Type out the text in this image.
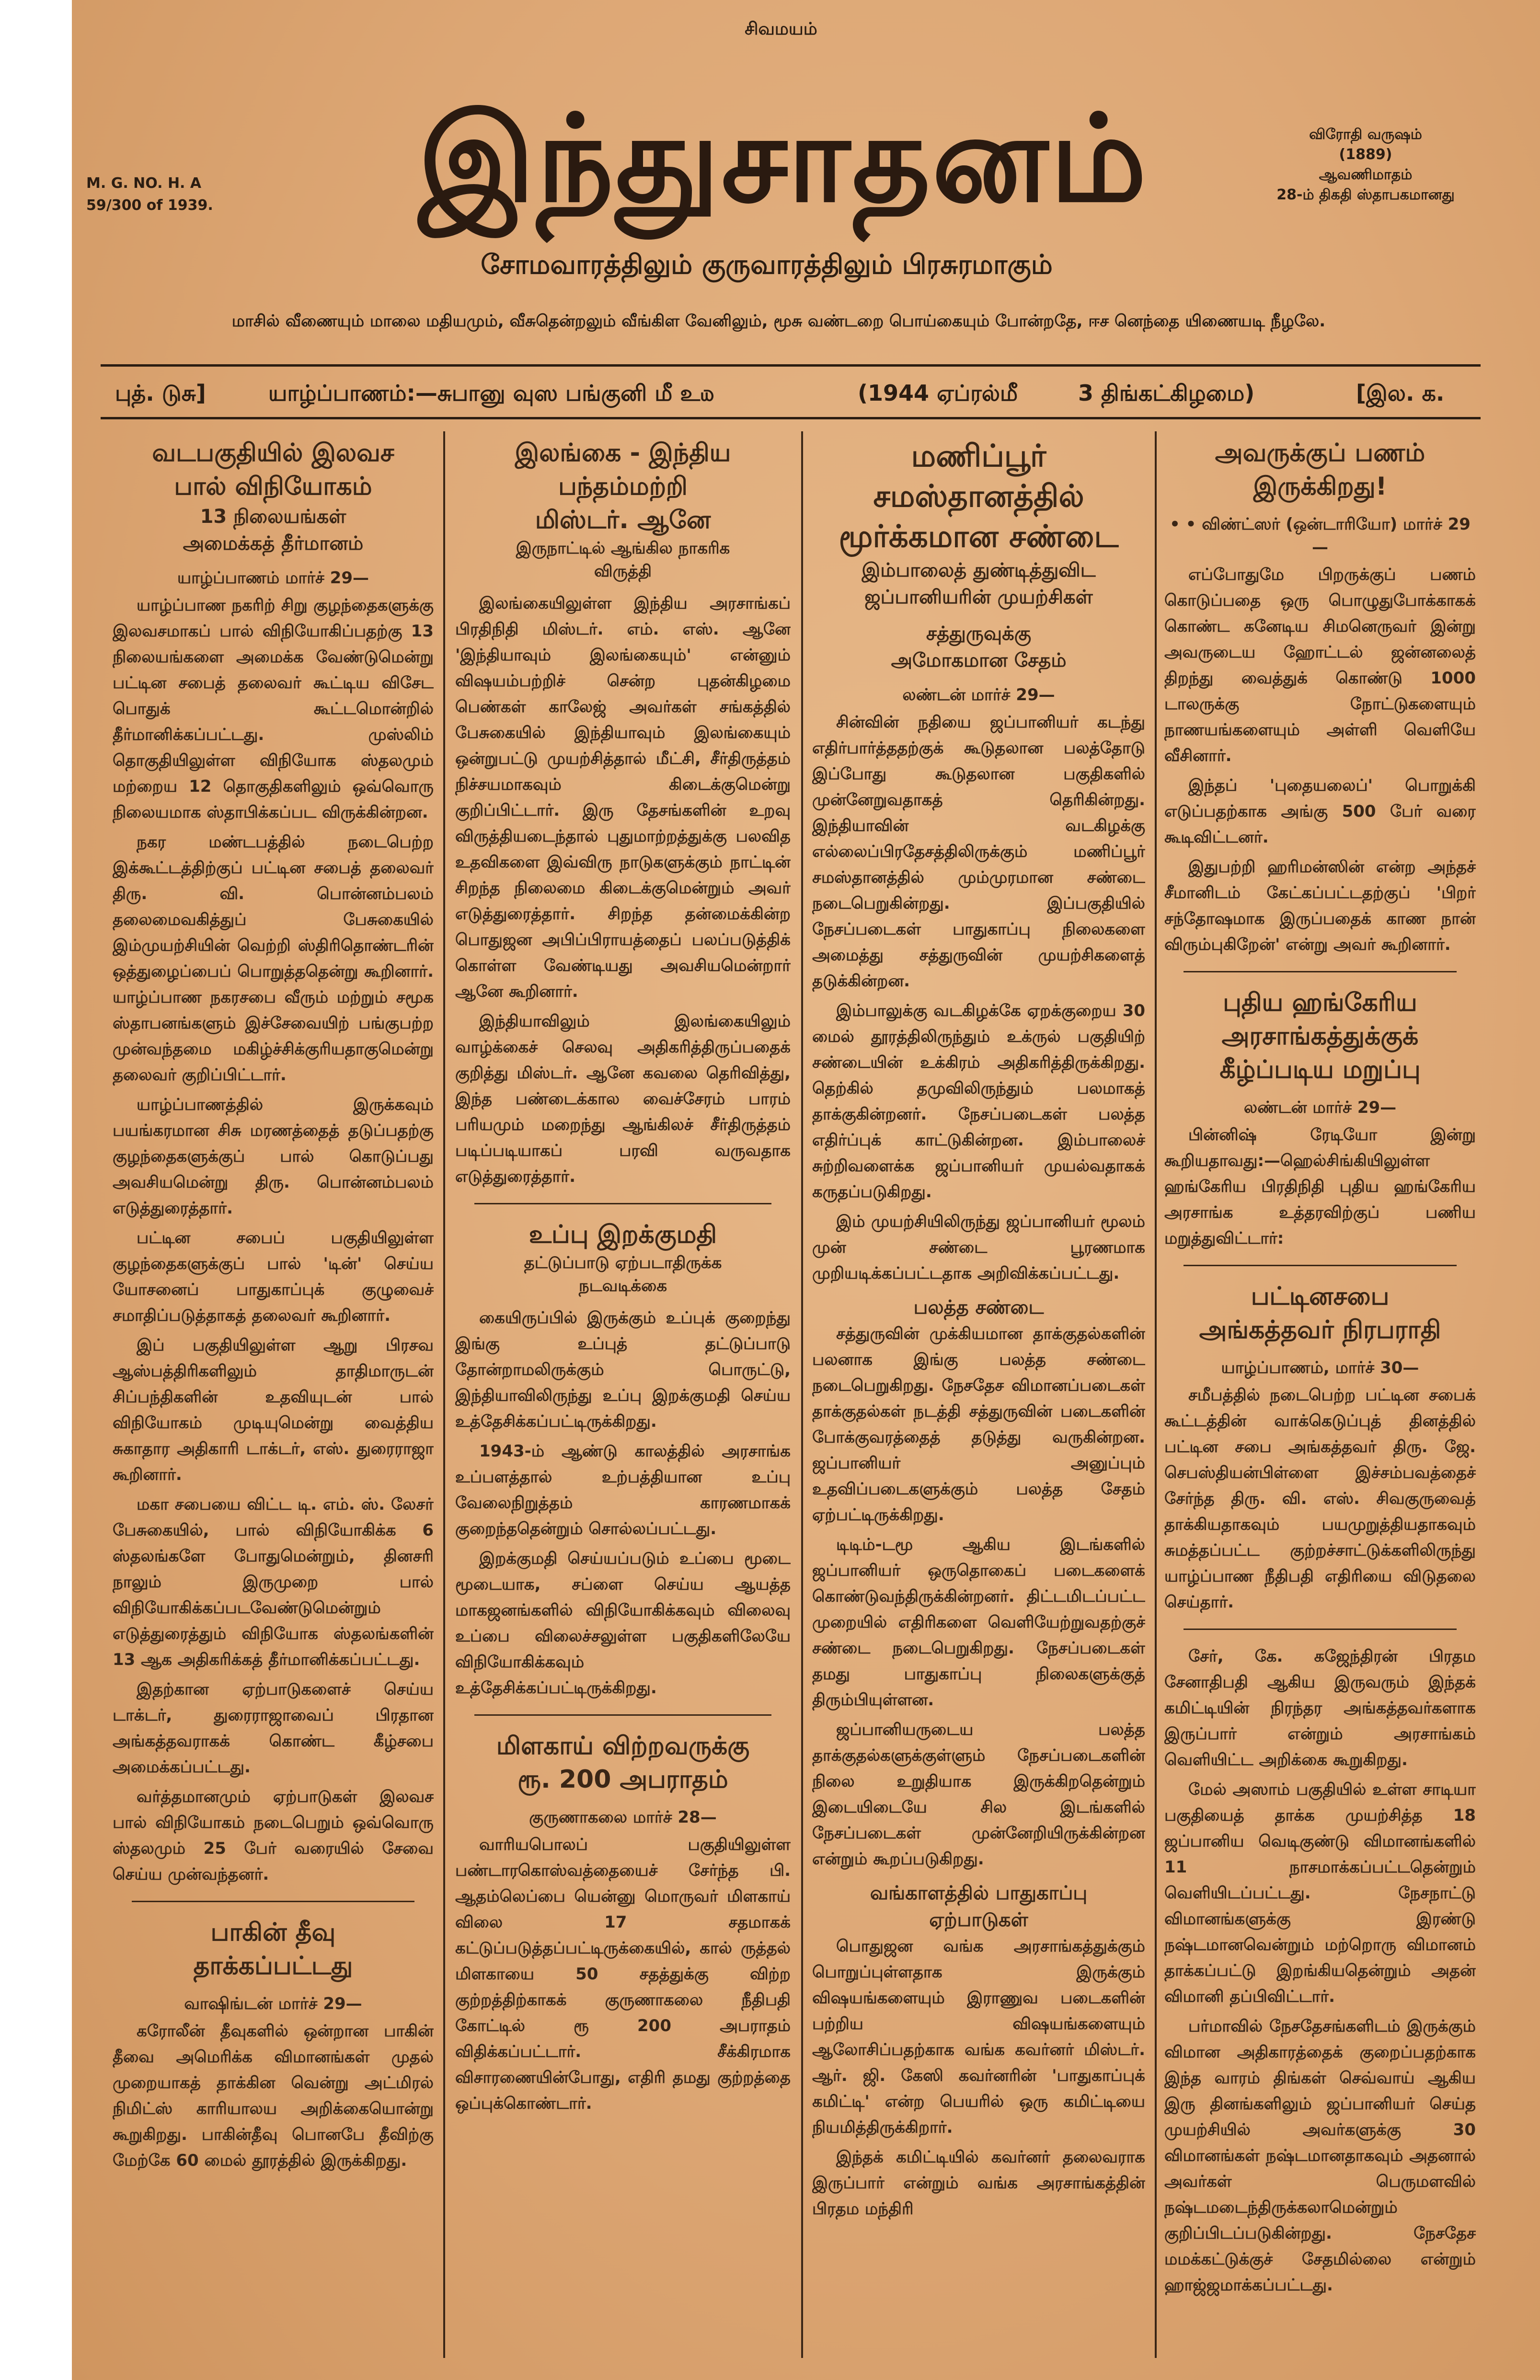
சிவமயம்
M. G. NO. H. A
59/300 of 1939.	இந்துசாதனம்	விரோதி வருஷம்
(1889)
ஆவணிமாதம்
28-ம் திகதி ஸ்தாபகமானது
சோமவாரத்திலும் குருவாரத்திலும் பிரசுரமாகும்
மாசில் வீணையும் மாலை மதியமும், வீசுதென்றலும் வீங்கிள வேனிலும், மூசு வண்டறை பொய்கையும் போன்றதே, ஈச னெந்தை யிணையடி நீழலே.
புத். டுசு]	யாழ்ப்பாணம்:—சுபானு வுஸ பங்குனி மீ உ௰	(1944 ஏப்ரல்மீ	3 திங்கட்கிழமை)	[இல. க.
வடபகுதியில் இலவச
பால் விநியோகம்
13 நிலையங்கள்
அமைக்கத் தீர்மானம்
யாழ்ப்பாணம் மார்ச் 29—

யாழ்ப்பாண நகரிற் சிறு குழந்தைகளுக்கு இலவசமாகப் பால் விநியோகிப்பதற்கு 13 நிலையங்களை அமைக்க வேண்டுமென்று பட்டின சபைத் தலைவர் கூட்டிய விசேட பொதுக் கூட்டமொன்றில் தீர்மானிக்கப்பட்டது. முஸ்லிம் தொகுதியிலுள்ள விநியோக ஸ்தலமும் மற்றைய 12 தொகுதிகளிலும் ஒவ்வொரு நிலையமாக ஸ்தாபிக்கப்பட விருக்கின்றன.

நகர மண்டபத்தில் நடைபெற்ற இக்கூட்டத்திற்குப் பட்டின சபைத் தலைவர் திரு. வி. பொன்னம்பலம் தலைமைவகித்துப் பேசுகையில் இம்முயற்சியின் வெற்றி ஸ்திரிதொண்டரின் ஒத்துழைப்பைப் பொறுத்ததென்று கூறினார். யாழ்ப்பாண நகரசபை வீரும் மற்றும் சமூக ஸ்தாபனங்களும் இச்சேவையிற் பங்குபற்ற முன்வந்தமை மகிழ்ச்சிக்குரியதாகுமென்று தலைவர் குறிப்பிட்டார்.

யாழ்ப்பாணத்தில் இருக்கவும் பயங்கரமான சிசு மரணத்தைத் தடுப்பதற்கு குழந்தைகளுக்குப் பால் கொடுப்பது அவசியமென்று திரு. பொன்னம்பலம் எடுத்துரைத்தார்.

பட்டின சபைப் பகுதியிலுள்ள குழந்தைகளுக்குப் பால் 'டின்' செய்ய யோசனைப் பாதுகாப்புக் குழுவைச் சமாதிப்படுத்தாகத் தலைவர் கூறினார்.

இப் பகுதியிலுள்ள ஆறு பிரசவ ஆஸ்பத்திரிகளிலும் தாதிமாருடன் சிப்பந்திகளின் உதவியுடன் பால் விநியோகம் முடியுமென்று வைத்திய சுகாதார அதிகாரி டாக்டர், எஸ். துரைராஜா கூறினார்.

மகா சபையை விட்ட டி. எம். ஸ். லேசர் பேசுகையில், பால் விநியோகிக்க 6 ஸ்தலங்களே போதுமென்றும், தினசரி நாலும் இருமுறை பால் விநியோகிக்கப்படவேண்டுமென்றும் எடுத்துரைத்தும் விநியோக ஸ்தலங்களின் 13 ஆக அதிகரிக்கத் தீர்மானிக்கப்பட்டது.

இதற்கான ஏற்பாடுகளைச் செய்ய டாக்டர், துரைராஜாவைப் பிரதான அங்கத்தவராகக் கொண்ட கீழ்சபை அமைக்கப்பட்டது.

வர்த்தமானமும் ஏற்பாடுகள் இலவச பால் விநியோகம் நடைபெறும் ஒவ்வொரு ஸ்தலமும் 25 பேர் வரையில் சேவை செய்ய முன்வந்தனர்.

பாகின் தீவு
தாக்கப்பட்டது
வாஷிங்டன் மார்ச் 29—

கரோலீன் தீவுகளில் ஒன்றான பாகின் தீவை அமெரிக்க விமானங்கள் முதல் முறையாகத் தாக்கின வென்று அட்மிரல் நிமிட்ஸ் காரியாலய அறிக்கையொன்று கூறுகிறது. பாகின்தீவு பொனபே தீவிற்கு மேற்கே 60 மைல் தூரத்தில் இருக்கிறது.

இலங்கை - இந்திய
பந்தம்மற்றி
மிஸ்டர். ஆனே
இருநாட்டில் ஆங்கில நாகரிக
விருத்தி

இலங்கையிலுள்ள இந்திய அரசாங்கப் பிரதிநிதி மிஸ்டர். எம். எஸ். ஆனே 'இந்தியாவும் இலங்கையும்' என்னும் விஷயம்பற்றிச் சென்ற புதன்கிழமை பெண்கள் காலேஜ் அவர்கள் சங்கத்தில் பேசுகையில் இந்தியாவும் இலங்கையும் ஒன்றுபட்டு முயற்சித்தால் மீட்சி, சீர்திருத்தம் நிச்சயமாகவும் கிடைக்குமென்று குறிப்பிட்டார். இரு தேசங்களின் உறவு விருத்தியடைந்தால் புதுமாற்றத்துக்கு பலவித உதவிகளை இவ்விரு நாடுகளுக்கும் நாட்டின் சிறந்த நிலைமை கிடைக்குமென்றும் அவர் எடுத்துரைத்தார். சிறந்த தன்மைக்கின்ற பொதுஜன அபிப்பிராயத்தைப் பலப்படுத்திக் கொள்ள வேண்டியது அவசியமென்றார் ஆனே கூறினார்.

இந்தியாவிலும் இலங்கையிலும் வாழ்க்கைச் செலவு அதிகரித்திருப்பதைக் குறித்து மிஸ்டர். ஆனே கவலை தெரிவித்து, இந்த பண்டைக்கால வைச்சேரம் பாரம் பரியமும் மறைந்து ஆங்கிலச் சீர்திருத்தம் படிப்படியாகப் பரவி வருவதாக எடுத்துரைத்தார்.

உப்பு இறக்குமதி
தட்டுப்பாடு ஏற்படாதிருக்க
நடவடிக்கை

கையிருப்பில் இருக்கும் உப்புக் குறைந்து இங்கு உப்புத் தட்டுப்பாடு தோன்றாமலிருக்கும் பொருட்டு, இந்தியாவிலிருந்து உப்பு இறக்குமதி செய்ய உத்தேசிக்கப்பட்டிருக்கிறது.

1943-ம் ஆண்டு காலத்தில் அரசாங்க உப்பளத்தால் உற்பத்தியான உப்பு வேலைநிறுத்தம் காரணமாகக் குறைந்ததென்றும் சொல்லப்பட்டது.

இறக்குமதி செய்யப்படும் உப்பை மூடை மூடையாக, சப்ளை செய்ய ஆயத்த மாகஜனங்களில் விநியோகிக்கவும் விலைவு உப்பை விலைச்சலுள்ள பகுதிகளிலேயே விநியோகிக்கவும் உத்தேசிக்கப்பட்டிருக்கிறது.

மிளகாய் விற்றவருக்கு
ரூ. 200 அபராதம்
குருணாகலை மார்ச் 28—

வாரியபொலப் பகுதியிலுள்ள பண்டாரகொஸ்வத்தையைச் சேர்ந்த பி. ஆதம்லெப்பை யென்னு மொருவர் மிளகாய் விலை 17 சதமாகக் கட்டுப்படுத்தப்பட்டிருக்கையில், கால் ருத்தல் மிளகாயை 50 சதத்துக்கு விற்ற குற்றத்திற்காகக் குருணாகலை நீதிபதி கோட்டில் ரூ 200 அபராதம் விதிக்கப்பட்டார். சீக்கிரமாக விசாரணையின்போது, எதிரி தமது குற்றத்தை ஒப்புக்கொண்டார்.

மணிப்பூர்
சமஸ்தானத்தில்
மூர்க்கமான சண்டை
இம்பாலைத் துண்டித்துவிட
ஜப்பானியரின் முயற்சிகள்
சத்துருவுக்கு
அமோகமான சேதம்
லண்டன் மார்ச் 29—

சின்வின் நதியை ஜப்பானியர் கடந்து எதிர்பார்த்ததற்குக் கூடுதலான பலத்தோடு இப்போது கூடுதலான பகுதிகளில் முன்னேறுவதாகத் தெரிகின்றது. இந்தியாவின் வடகிழக்கு எல்லைப்பிரதேசத்திலிருக்கும் மணிப்பூர் சமஸ்தானத்தில் மும்முரமான சண்டை நடைபெறுகின்றது. இப்பகுதியில் நேசப்படைகள் பாதுகாப்பு நிலைகளை அமைத்து சத்துருவின் முயற்சிகளைத் தடுக்கின்றன.

இம்பாலுக்கு வடகிழக்கே ஏறக்குறைய 30 மைல் தூரத்திலிருந்தும் உக்ருல் பகுதியிற் சண்டையின் உக்கிரம் அதிகரித்திருக்கிறது. தெற்கில் தமுவிலிருந்தும் பலமாகத் தாக்குகின்றனர். நேசப்படைகள் பலத்த எதிர்ப்புக் காட்டுகின்றன. இம்பாலைச் சுற்றிவளைக்க ஜப்பானியர் முயல்வதாகக் கருதப்படுகிறது.

இம் முயற்சியிலிருந்து ஜப்பானியர் மூலம் முன் சண்டை பூரணமாக முறியடிக்கப்பட்டதாக அறிவிக்கப்பட்டது.

பலத்த சண்டை

சத்துருவின் முக்கியமான தாக்குதல்களின் பலனாக இங்கு பலத்த சண்டை நடைபெறுகிறது. நேசதேச விமானப்படைகள் தாக்குதல்கள் நடத்தி சத்துருவின் படைகளின் போக்குவரத்தைத் தடுத்து வருகின்றன. ஜப்பானியர் அனுப்பும் உதவிப்படைகளுக்கும் பலத்த சேதம் ஏற்பட்டிருக்கிறது.

டிடிம்-டமூ ஆகிய இடங்களில் ஜப்பானியர் ஒருதொகைப் படைகளைக் கொண்டுவந்திருக்கின்றனர். திட்டமிடப்பட்ட முறையில் எதிரிகளை வெளியேற்றுவதற்குச் சண்டை நடைபெறுகிறது. நேசப்படைகள் தமது பாதுகாப்பு நிலைகளுக்குத் திரும்பியுள்ளன.

ஜப்பானியருடைய பலத்த தாக்குதல்களுக்குள்ளும் நேசப்படைகளின் நிலை உறுதியாக இருக்கிறதென்றும் இடையிடையே சில இடங்களில் நேசப்படைகள் முன்னேறியிருக்கின்றன என்றும் கூறப்படுகிறது.

வங்காளத்தில் பாதுகாப்பு
ஏற்பாடுகள்

பொதுஜன வங்க அரசாங்கத்துக்கும் பொறுப்புள்ளதாக இருக்கும் விஷயங்களையும் இராணுவ படைகளின் பற்றிய விஷயங்களையும் ஆலோசிப்பதற்காக வங்க கவர்னர் மிஸ்டர். ஆர். ஜி. கேஸி கவர்னரின் 'பாதுகாப்புக் கமிட்டி' என்ற பெயரில் ஒரு கமிட்டியை நியமித்திருக்கிறார்.

இந்தக் கமிட்டியில் கவர்னர் தலைவராக இருப்பார் என்றும் வங்க அரசாங்கத்தின் பிரதம மந்திரி

அவருக்குப் பணம்
இருக்கிறது!
• • விண்ட்ஸர் (ஒன்டாரியோ) மார்ச் 29—

எப்போதுமே பிறருக்குப் பணம் கொடுப்பதை ஒரு பொழுதுபோக்காகக் கொண்ட கனேடிய சிமனெருவர் இன்று அவருடைய ஹோட்டல் ஜன்னலைத் திறந்து வைத்துக் கொண்டு 1000 டாலருக்கு நோட்டுகளையும் நாணயங்களையும் அள்ளி வெளியே வீசினார்.

இந்தப் 'புதையலைப்' பொறுக்கி எடுப்பதற்காக அங்கு 500 பேர் வரை கூடிவிட்டனர்.

இதுபற்றி ஹரிமன்ஸின் என்ற அந்தச் சீமானிடம் கேட்கப்பட்டதற்குப் 'பிறர் சந்தோஷமாக இருப்பதைக் காண நான் விரும்புகிறேன்' என்று அவர் கூறினார்.

புதிய ஹங்கேரிய
அரசாங்கத்துக்குக்
கீழ்ப்படிய மறுப்பு
லண்டன் மார்ச் 29—

பின்னிஷ் ரேடியோ இன்று கூறியதாவது:—ஹெல்சிங்கியிலுள்ள ஹங்கேரிய பிரதிநிதி புதிய ஹங்கேரிய அரசாங்க உத்தரவிற்குப் பணிய மறுத்துவிட்டார்:

பட்டினசபை
அங்கத்தவர் நிரபராதி
யாழ்ப்பாணம், மார்ச் 30—

சமீபத்தில் நடைபெற்ற பட்டின சபைக் கூட்டத்தின் வாக்கெடுப்புத் தினத்தில் பட்டின சபை அங்கத்தவர் திரு. ஜே. செபஸ்தியன்பிள்ளை இச்சம்பவத்தைச் சேர்ந்த திரு. வி. எஸ். சிவகுருவைத் தாக்கியதாகவும் பயமுறுத்தியதாகவும் சுமத்தப்பட்ட குற்றச்சாட்டுக்களிலிருந்து யாழ்ப்பாண நீதிபதி எதிரியை விடுதலை செய்தார்.

சேர், கே. கஜேந்திரன் பிரதம சேனாதிபதி ஆகிய இருவரும் இந்தக் கமிட்டியின் நிரந்தர அங்கத்தவர்களாக இருப்பார் என்றும் அரசாங்கம் வெளியிட்ட அறிக்கை கூறுகிறது.

மேல் அஸாம் பகுதியில் உள்ள சாடியா பகுதியைத் தாக்க முயற்சித்த 18 ஜப்பானிய வெடிகுண்டு விமானங்களில் 11 நாசமாக்கப்பட்டதென்றும் வெளியிடப்பட்டது. நேசநாட்டு விமானங்களுக்கு இரண்டு நஷ்டமானவென்றும் மற்றொரு விமானம் தாக்கப்பட்டு இறங்கியதென்றும் அதன் விமானி தப்பிவிட்டார்.

பர்மாவில் நேசதேசங்களிடம் இருக்கும் விமான அதிகாரத்தைக் குறைப்பதற்காக இந்த வாரம் திங்கள் செவ்வாய் ஆகிய இரு தினங்களிலும் ஜப்பானியர் செய்த முயற்சியில் அவர்களுக்கு 30 விமானங்கள் நஷ்டமானதாகவும் அதனால் அவர்கள் பெருமளவில் நஷ்டமடைந்திருக்கலாமென்றும் குறிப்பிடப்படுகின்றது. நேசதேச மமக்கட்டுக்குச் சேதமில்லை என்றும் ஹாஜ்ஜமாக்கப்பட்டது.
